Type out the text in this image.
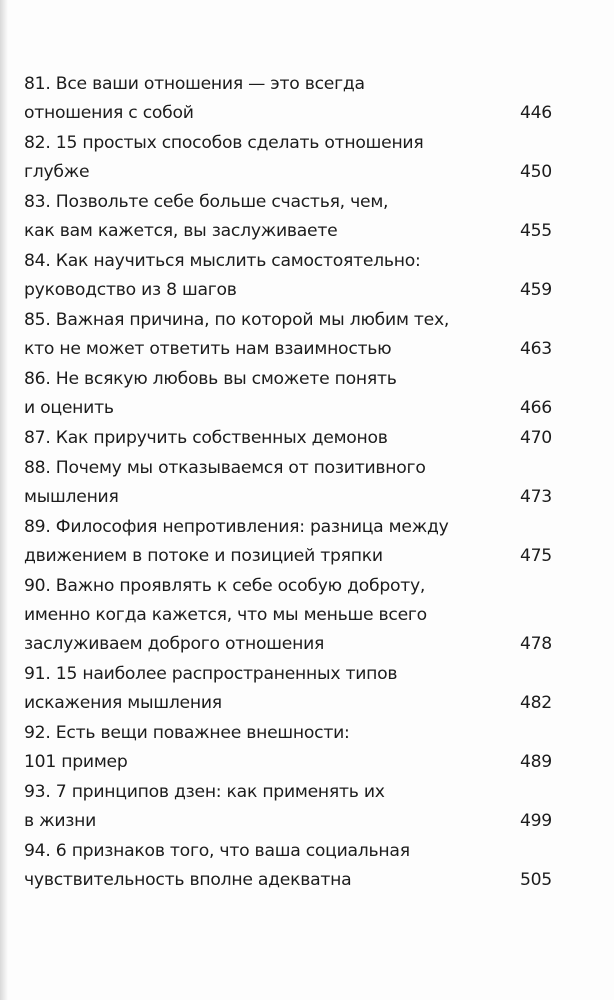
81. Все ваши отношения — это всегда
отношения с собой	446
82. 15 простых способов сделать отношения
глубже	450
83. Позвольте себе больше счастья, чем,
как вам кажется, вы заслуживаете	455
84. Как научиться мыслить самостоятельно:
руководство из 8 шагов	459
85. Важная причина, по которой мы любим тех,
кто не может ответить нам взаимностью	463
86. Не всякую любовь вы сможете понять
и оценить	466
87. Как приручить собственных демонов	470
88. Почему мы отказываемся от позитивного
мышления	473
89. Философия непротивления: разница между
движением в потоке и позицией тряпки	475
90. Важно проявлять к себе особую доброту,
именно когда кажется, что мы меньше всего
заслуживаем доброго отношения	478
91. 15 наиболее распространенных типов
искажения мышления	482
92. Есть вещи поважнее внешности:
101 пример	489
93. 7 принципов дзен: как применять их
в жизни	499
94. 6 признаков того, что ваша социальная
чувствительность вполне адекватна	505
